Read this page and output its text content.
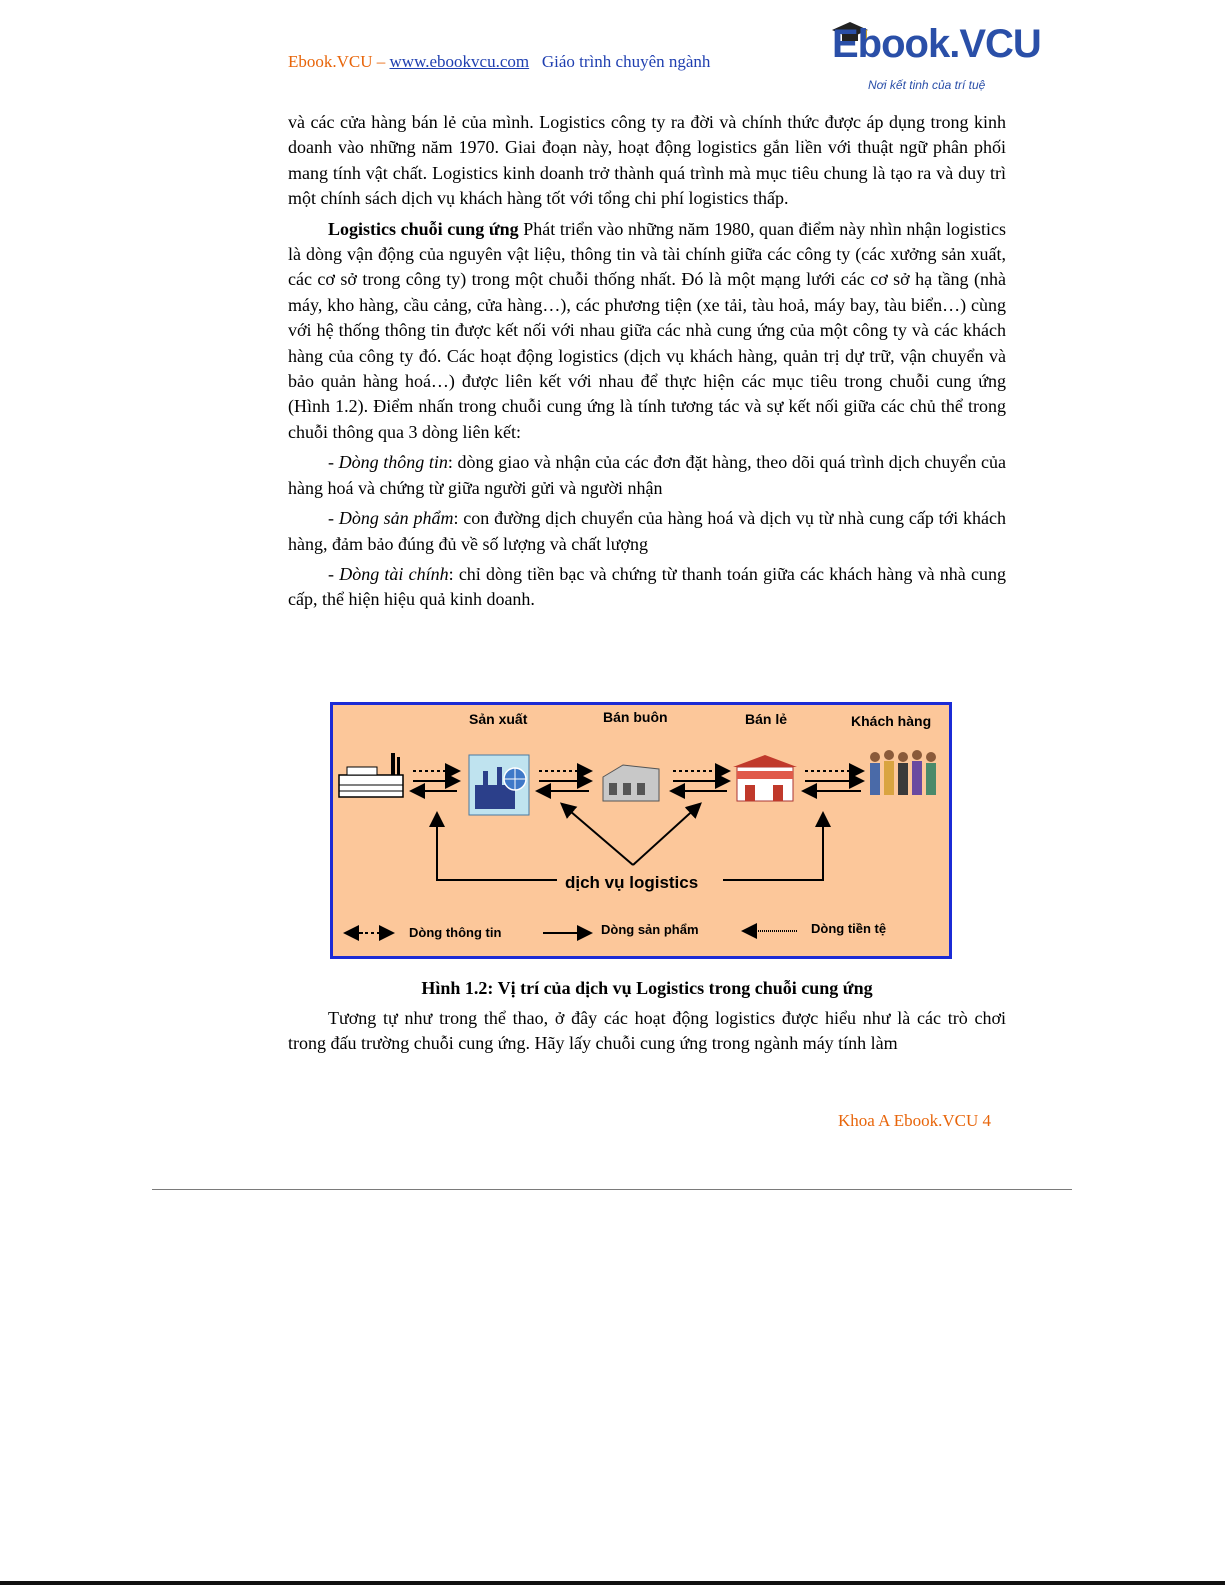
Ebook.VCU – www.ebookvcu.com Giáo trình chuyên ngành	Ebook.VCU
Nơi kết tinh của trí tuệ

và các cửa hàng bán lẻ của mình. Logistics công ty ra đời và chính thức được áp dụng trong kinh doanh vào những năm 1970. Giai đoạn này, hoạt động logistics gắn liền với thuật ngữ phân phối mang tính vật chất. Logistics kinh doanh trở thành quá trình mà mục tiêu chung là tạo ra và duy trì một chính sách dịch vụ khách hàng tốt với tổng chi phí logistics thấp.

Logistics chuỗi cung ứng Phát triển vào những năm 1980, quan điểm này nhìn nhận logistics là dòng vận động của nguyên vật liệu, thông tin và tài chính giữa các công ty (các xưởng sản xuất, các cơ sở trong công ty) trong một chuỗi thống nhất. Đó là một mạng lưới các cơ sở hạ tầng (nhà máy, kho hàng, cầu cảng, cửa hàng…), các phương tiện (xe tải, tàu hoả, máy bay, tàu biển…) cùng với hệ thống thông tin được kết nối với nhau giữa các nhà cung ứng của một công ty và các khách hàng của công ty đó. Các hoạt động logistics (dịch vụ khách hàng, quản trị dự trữ, vận chuyển và bảo quản hàng hoá…) được liên kết với nhau để thực hiện các mục tiêu trong chuỗi cung ứng (Hình 1.2). Điểm nhấn trong chuỗi cung ứng là tính tương tác và sự kết nối giữa các chủ thể trong chuỗi thông qua 3 dòng liên kết:

- Dòng thông tin: dòng giao và nhận của các đơn đặt hàng, theo dõi quá trình dịch chuyển của hàng hoá và chứng từ giữa người gửi và người nhận

- Dòng sản phẩm: con đường dịch chuyển của hàng hoá và dịch vụ từ nhà cung cấp tới khách hàng, đảm bảo đúng đủ về số lượng và chất lượng

- Dòng tài chính: chỉ dòng tiền bạc và chứng từ thanh toán giữa các khách hàng và nhà cung cấp, thể hiện hiệu quả kinh doanh.

Sản xuất	Bán buôn	Bán lẻ	Khách hàng
dịch vụ logistics
Dòng thông tin	Dòng sản phẩm	Dòng tiền tệ
Hình 1.2: Vị trí của dịch vụ Logistics trong chuỗi cung ứng

Tương tự như trong thể thao, ở đây các hoạt động logistics được hiểu như là các trò chơi trong đấu trường chuỗi cung ứng. Hãy lấy chuỗi cung ứng trong ngành máy tính làm

Khoa A Ebook.VCU 4
